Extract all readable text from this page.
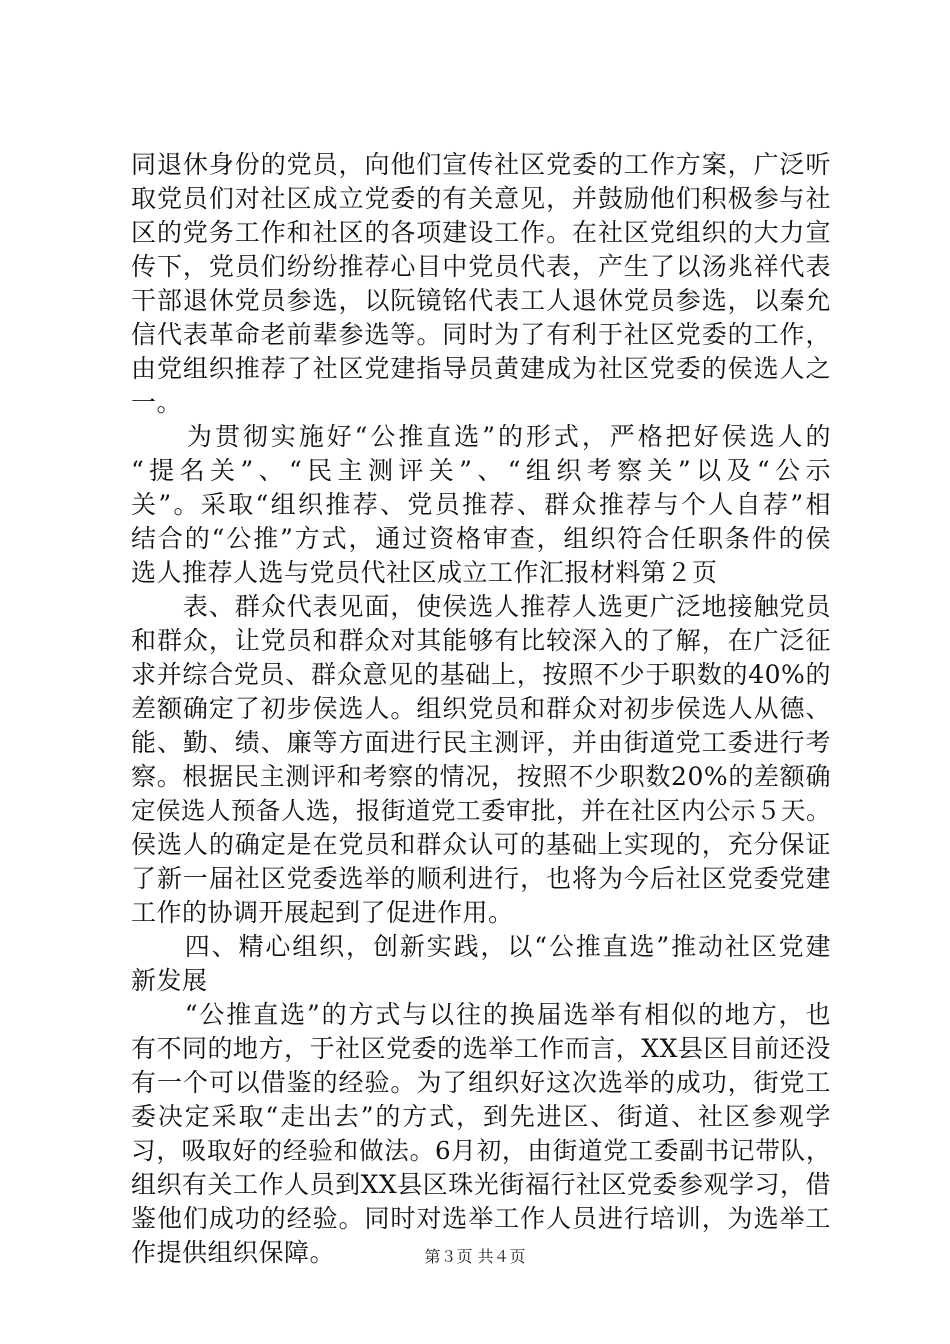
同退休身份的党员，向他们宣传社区党委的工作方案，广泛听
取党员们对社区成立党委的有关意见，并鼓励他们积极参与社
区的党务工作和社区的各项建设工作。在社区党组织的大力宣
传下，党员们纷纷推荐心目中党员代表，产生了以汤兆祥代表
干部退休党员参选，以阮镜铭代表工人退休党员参选，以秦允
信代表革命老前辈参选等。同时为了有利于社区党委的工作，
由党组织推荐了社区党建指导员黄建成为社区党委的侯选人之
一。
　　为贯彻实施好“公推直选”的形式，严格把好侯选人的
“提名关”、“民主测评关”、“组织考察关”以及“公示
关”。采取“组织推荐、党员推荐、群众推荐与个人自荐”相
结合的“公推”方式，通过资格审查，组织符合任职条件的侯
选人推荐人选与党员代社区成立工作汇报材料第２页
　　表、群众代表见面，使侯选人推荐人选更广泛地接触党员
和群众，让党员和群众对其能够有比较深入的了解，在广泛征
求并综合党员、群众意见的基础上，按照不少于职数的40%的
差额确定了初步侯选人。组织党员和群众对初步侯选人从德、
能、勤、绩、廉等方面进行民主测评，并由街道党工委进行考
察。根据民主测评和考察的情况，按照不少职数20%的差额确
定侯选人预备人选，报街道党工委审批，并在社区内公示５天。
侯选人的确定是在党员和群众认可的基础上实现的，充分保证
了新一届社区党委选举的顺利进行，也将为今后社区党委党建
工作的协调开展起到了促进作用。
　　四、精心组织，创新实践，以“公推直选”推动社区党建
新发展
　　“公推直选”的方式与以往的换届选举有相似的地方，也
有不同的地方，于社区党委的选举工作而言，XX县区目前还没
有一个可以借鉴的经验。为了组织好这次选举的成功，街党工
委决定采取“走出去”的方式，到先进区、街道、社区参观学
习，吸取好的经验和做法。6月初，由街道党工委副书记带队，
组织有关工作人员到XX县区珠光街福行社区党委参观学习，借
鉴他们成功的经验。同时对选举工作人员进行培训，为选举工
作提供组织保障。	第３页 共４页
